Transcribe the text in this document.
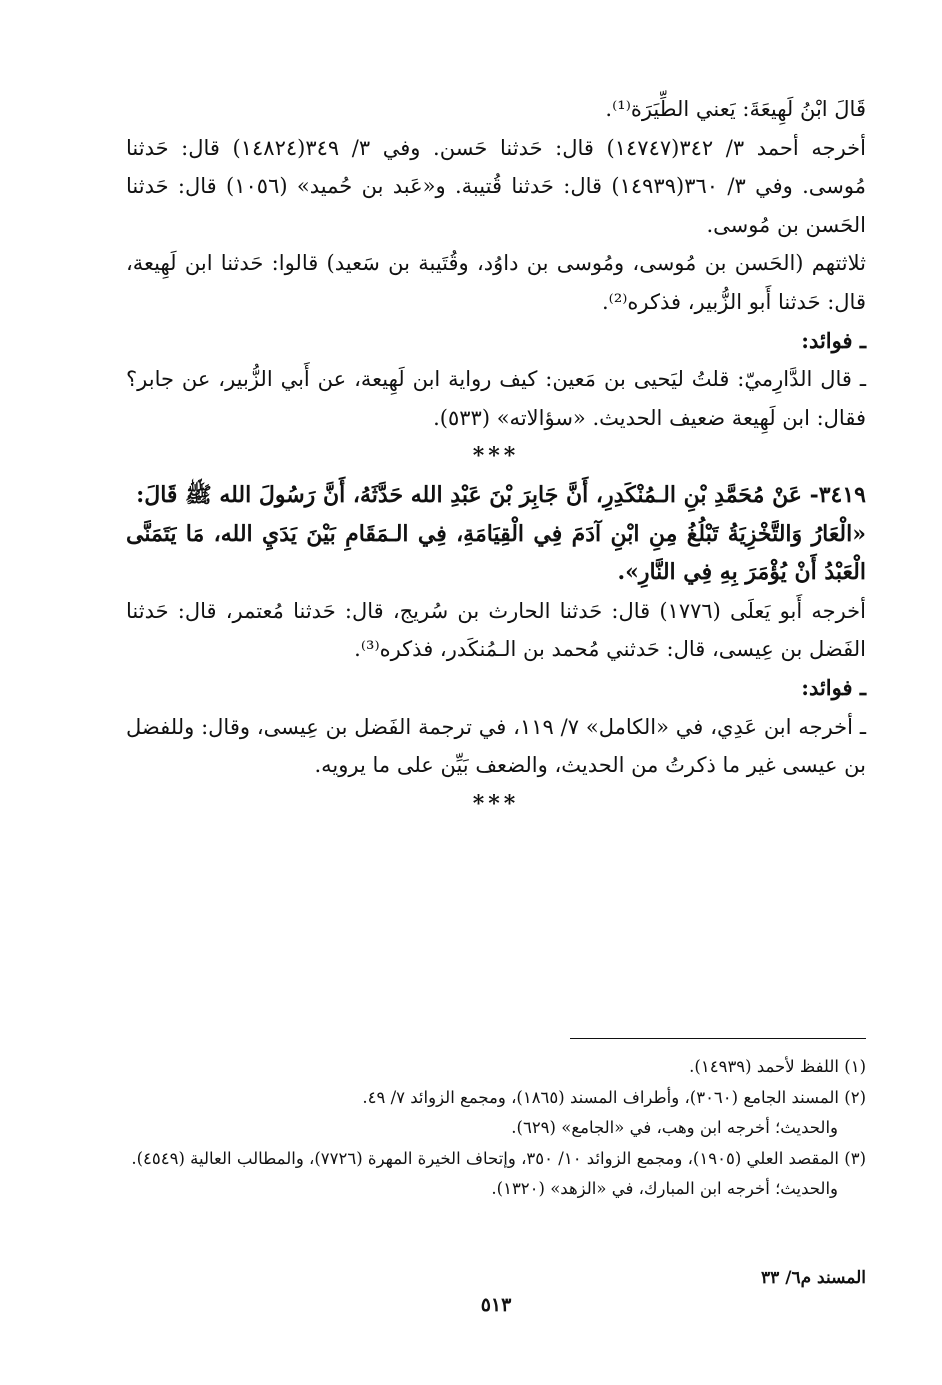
قَالَ ابْنُ لَهِيعَةَ: يَعني الطِّيَرَة⁽¹⁾.

أخرجه أحمد ٣/ ٣٤٢(١٤٧٤٧) قال: حَدثنا حَسن. وفي ٣/ ٣٤٩(١٤٨٢٤) قال: حَدثنا مُوسى. وفي ٣/ ٣٦٠(١٤٩٣٩) قال: حَدثنا قُتيبة. و«عَبد بن حُميد» (١٠٥٦) قال: حَدثنا الحَسن بن مُوسى.

ثلاثتهم (الحَسن بن مُوسى، ومُوسى بن داوُد، وقُتَيبة بن سَعيد) قالوا: حَدثنا ابن لَهِيعة، قال: حَدثنا أَبو الزُّبير، فذكره⁽²⁾.

ـ فوائد:

ـ قال الدَّارِميّ: قلتُ ليَحيى بن مَعين: كيف رواية ابن لَهِيعة، عن أَبي الزُّبير، عن جابر؟ فقال: ابن لَهِيعة ضعيف الحديث. «سؤالاته» (٥٣٣).

***

٣٤١٩- عَنْ مُحَمَّدِ بْنِ الـمُنْكَدِرِ، أَنَّ جَابِرَ بْنَ عَبْدِ الله حَدَّثَهُ، أَنَّ رَسُولَ الله ﷺ قَالَ:

«الْعَارُ وَالتَّخْزِيَةُ تَبْلُغُ مِنِ ابْنِ آدَمَ فِي الْقِيَامَةِ، فِي الـمَقَامِ بَيْنَ يَدَيِ الله، مَا يَتَمَنَّى الْعَبْدُ أَنْ يُؤْمَرَ بِهِ فِي النَّارِ».

أخرجه أَبو يَعلَى (١٧٧٦) قال: حَدثنا الحارث بن سُريج، قال: حَدثنا مُعتمر، قال: حَدثنا الفَضل بن عِيسى، قال: حَدثني مُحمد بن الـمُنكَدر، فذكره⁽³⁾.

ـ فوائد:

ـ أخرجه ابن عَدِي، في «الكامل» ٧/ ١١٩، في ترجمة الفَضل بن عِيسى، وقال: وللفضل بن عيسى غير ما ذكرتُ من الحديث، والضعف بَيِّن على ما يرويه.

***

(١) اللفظ لأحمد (١٤٩٣٩).

(٢) المسند الجامع (٣٠٦٠)، وأطراف المسند (١٨٦٥)، ومجمع الزوائد ٧/ ٤٩.

والحديث؛ أخرجه ابن وهب، في «الجامع» (٦٢٩).

(٣) المقصد العلي (١٩٠٥)، ومجمع الزوائد ١٠/ ٣٥٠، وإتحاف الخيرة المهرة (٧٧٢٦)، والمطالب العالية (٤٥٤٩).

والحديث؛ أخرجه ابن المبارك، في «الزهد» (١٣٢٠).

المسند م٦/ ٣٣
٥١٣
